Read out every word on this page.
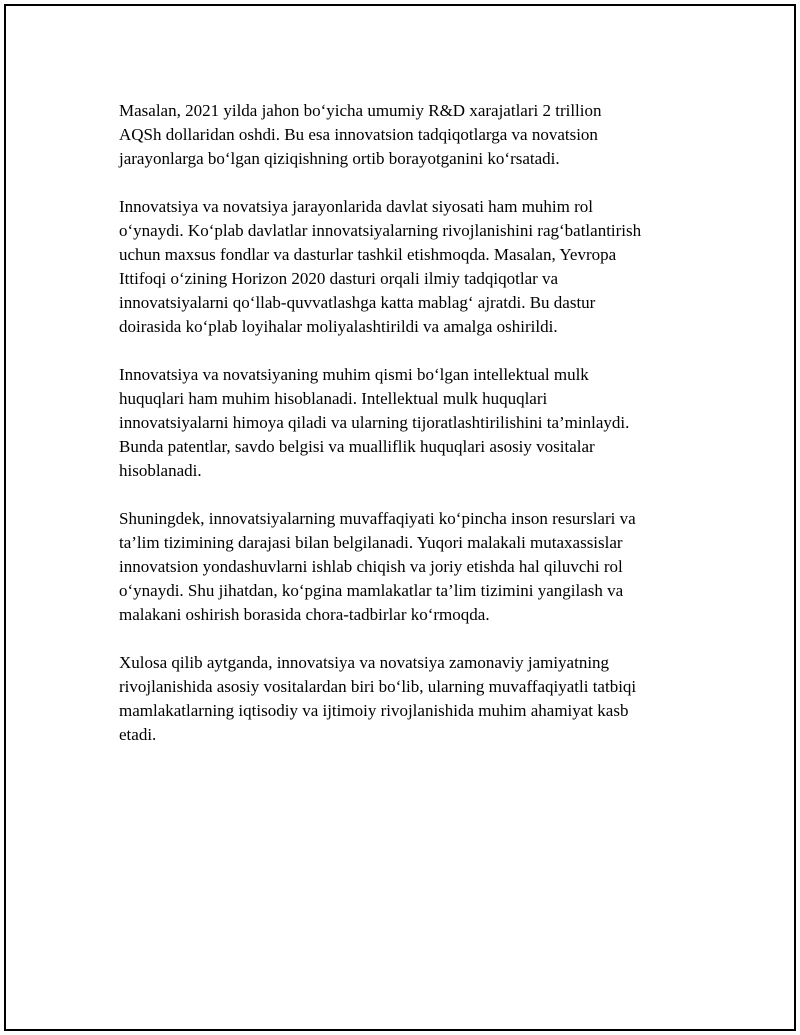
Masalan, 2021 yilda jahon bo‘yicha umumiy R&D xarajatlari 2 trillion
AQSh dollaridan oshdi. Bu esa innovatsion tadqiqotlarga va novatsion
jarayonlarga bo‘lgan qiziqishning ortib borayotganini ko‘rsatadi.

Innovatsiya va novatsiya jarayonlarida davlat siyosati ham muhim rol
o‘ynaydi. Ko‘plab davlatlar innovatsiyalarning rivojlanishini rag‘batlantirish
uchun maxsus fondlar va dasturlar tashkil etishmoqda. Masalan, Yevropa
Ittifoqi o‘zining Horizon 2020 dasturi orqali ilmiy tadqiqotlar va
innovatsiyalarni qo‘llab-quvvatlashga katta mablag‘ ajratdi. Bu dastur
doirasida ko‘plab loyihalar moliyalashtirildi va amalga oshirildi.

Innovatsiya va novatsiyaning muhim qismi bo‘lgan intellektual mulk
huquqlari ham muhim hisoblanadi. Intellektual mulk huquqlari
innovatsiyalarni himoya qiladi va ularning tijoratlashtirilishini ta’minlaydi.
Bunda patentlar, savdo belgisi va mualliflik huquqlari asosiy vositalar
hisoblanadi.

Shuningdek, innovatsiyalarning muvaffaqiyati ko‘pincha inson resurslari va
ta’lim tizimining darajasi bilan belgilanadi. Yuqori malakali mutaxassislar
innovatsion yondashuvlarni ishlab chiqish va joriy etishda hal qiluvchi rol
o‘ynaydi. Shu jihatdan, ko‘pgina mamlakatlar ta’lim tizimini yangilash va
malakani oshirish borasida chora-tadbirlar ko‘rmoqda.

Xulosa qilib aytganda, innovatsiya va novatsiya zamonaviy jamiyatning
rivojlanishida asosiy vositalardan biri bo‘lib, ularning muvaffaqiyatli tatbiqi
mamlakatlarning iqtisodiy va ijtimoiy rivojlanishida muhim ahamiyat kasb
etadi.
